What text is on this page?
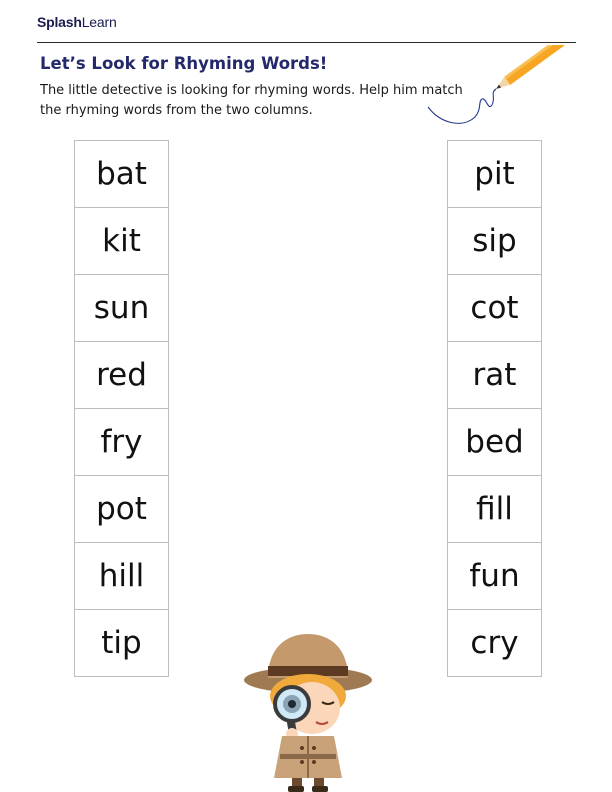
SplashLearn
Let’s Look for Rhyming Words!

The little detective is looking for rhyming words. Help him match the rhyming words from the two columns.

bat
kit
sun
red
fry
pot
hill
tip
pit
sip
cot
rat
bed
fill
fun
cry
